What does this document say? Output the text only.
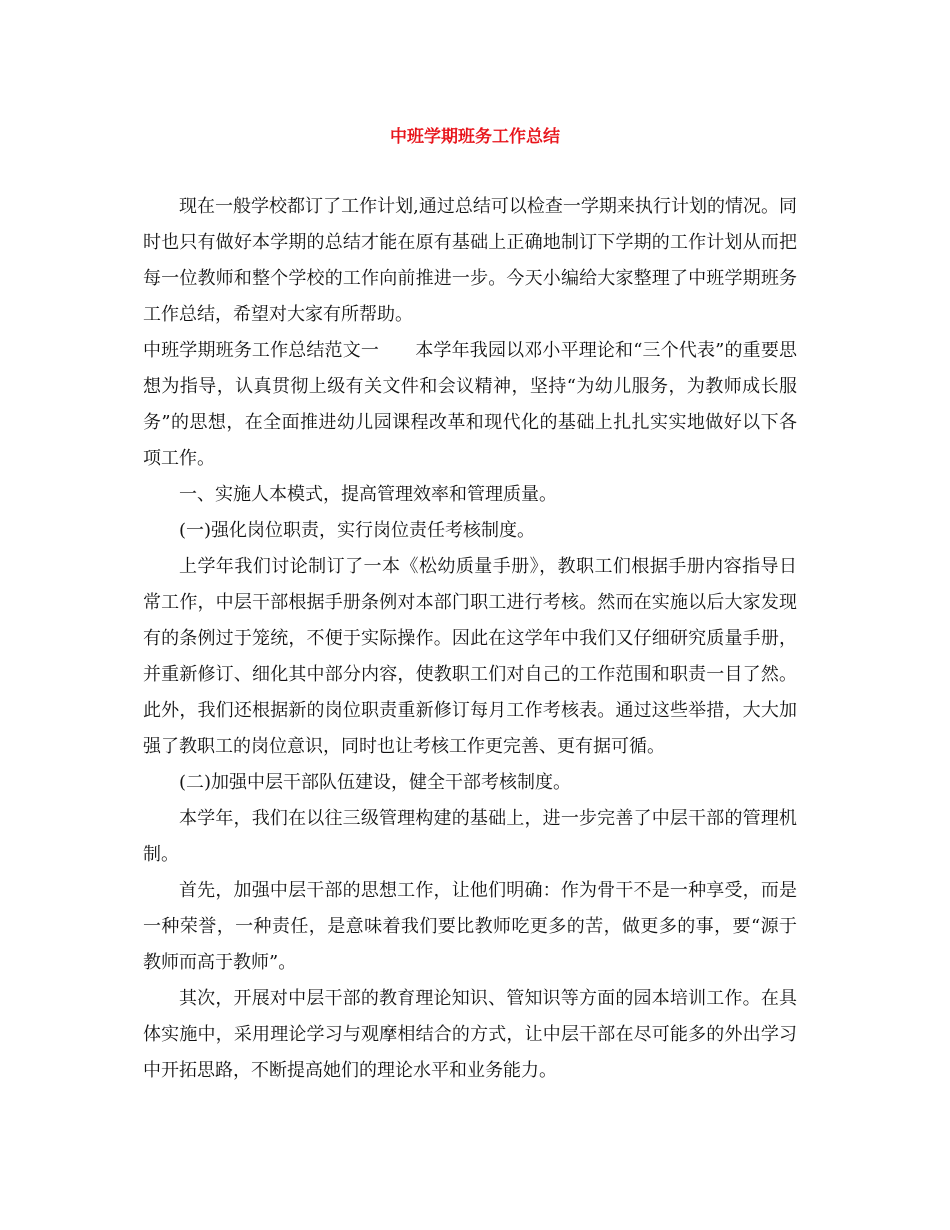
中班学期班务工作总结

现在一般学校都订了工作计划,通过总结可以检查一学期来执行计划的情况。同时也只有做好本学期的总结才能在原有基础上正确地制订下学期的工作计划从而把每一位教师和整个学校的工作向前推进一步。今天小编给大家整理了中班学期班务工作总结，希望对大家有所帮助。

中班学期班务工作总结范文一　　本学年我园以邓小平理论和“三个代表”的重要思想为指导，认真贯彻上级有关文件和会议精神，坚持“为幼儿服务，为教师成长服务”的思想，在全面推进幼儿园课程改革和现代化的基础上扎扎实实地做好以下各项工作。

一、实施人本模式，提高管理效率和管理质量。

(一)强化岗位职责，实行岗位责任考核制度。

上学年我们讨论制订了一本《松幼质量手册》，教职工们根据手册内容指导日常工作，中层干部根据手册条例对本部门职工进行考核。然而在实施以后大家发现有的条例过于笼统，不便于实际操作。因此在这学年中我们又仔细研究质量手册，并重新修订、细化其中部分内容，使教职工们对自己的工作范围和职责一目了然。此外，我们还根据新的岗位职责重新修订每月工作考核表。通过这些举措，大大加强了教职工的岗位意识，同时也让考核工作更完善、更有据可循。

(二)加强中层干部队伍建设，健全干部考核制度。

本学年，我们在以往三级管理构建的基础上，进一步完善了中层干部的管理机制。

首先，加强中层干部的思想工作，让他们明确：作为骨干不是一种享受，而是一种荣誉，一种责任，是意味着我们要比教师吃更多的苦，做更多的事，要“源于教师而高于教师”。

其次，开展对中层干部的教育理论知识、管知识等方面的园本培训工作。在具体实施中，采用理论学习与观摩相结合的方式，让中层干部在尽可能多的外出学习中开拓思路，不断提高她们的理论水平和业务能力。
